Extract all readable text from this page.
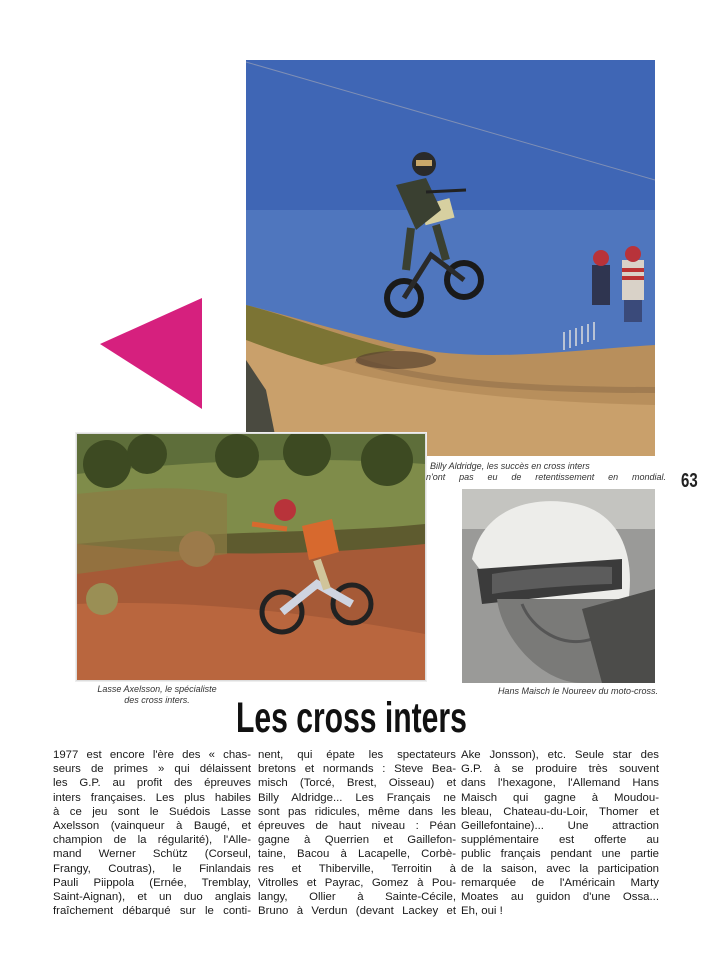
Billy Aldridge, les succès en cross inters
n'ont pas eu de retentissement en mondial.
Lasse Axelsson, le spécialiste
des cross inters.
Hans Maisch le Noureev du moto-cross.
63
Les cross inters
1977 est encore l'ère des « chas-
seurs de primes » qui délaissent
les G.P. au profit des épreuves
inters françaises. Les plus habiles
à ce jeu sont le Suédois Lasse
Axelsson (vainqueur à Baugé, et
champion de la régularité), l'Alle-
mand Werner Schütz (Corseul,
Frangy, Coutras), le Finlandais
Pauli Piippola (Ernée, Tremblay,
Saint-Aignan), et un duo anglais
fraîchement débarqué sur le conti-
nent, qui épate les spectateurs
bretons et normands : Steve Bea-
misch (Torcé, Brest, Oisseau) et
Billy Aldridge... Les Français ne
sont pas ridicules, même dans les
épreuves de haut niveau : Péan
gagne à Querrien et Gaillefon-
taine, Bacou à Lacapelle, Corbè-
res et Thiberville, Terroitin à
Vitrolles et Payrac, Gomez à Pou-
langy, Ollier à Sainte-Cécile,
Bruno à Verdun (devant Lackey et
Ake Jonsson), etc. Seule star des
G.P. à se produire très souvent
dans l'hexagone, l'Allemand Hans
Maisch qui gagne à Moudou-
bleau, Chateau-du-Loir, Thomer et
Geillefontaine)... Une attraction
supplémentaire est offerte au
public français pendant une partie
de la saison, avec la participation
remarquée de l'Américain Marty
Moates au guidon d'une Ossa...
Eh, oui !
